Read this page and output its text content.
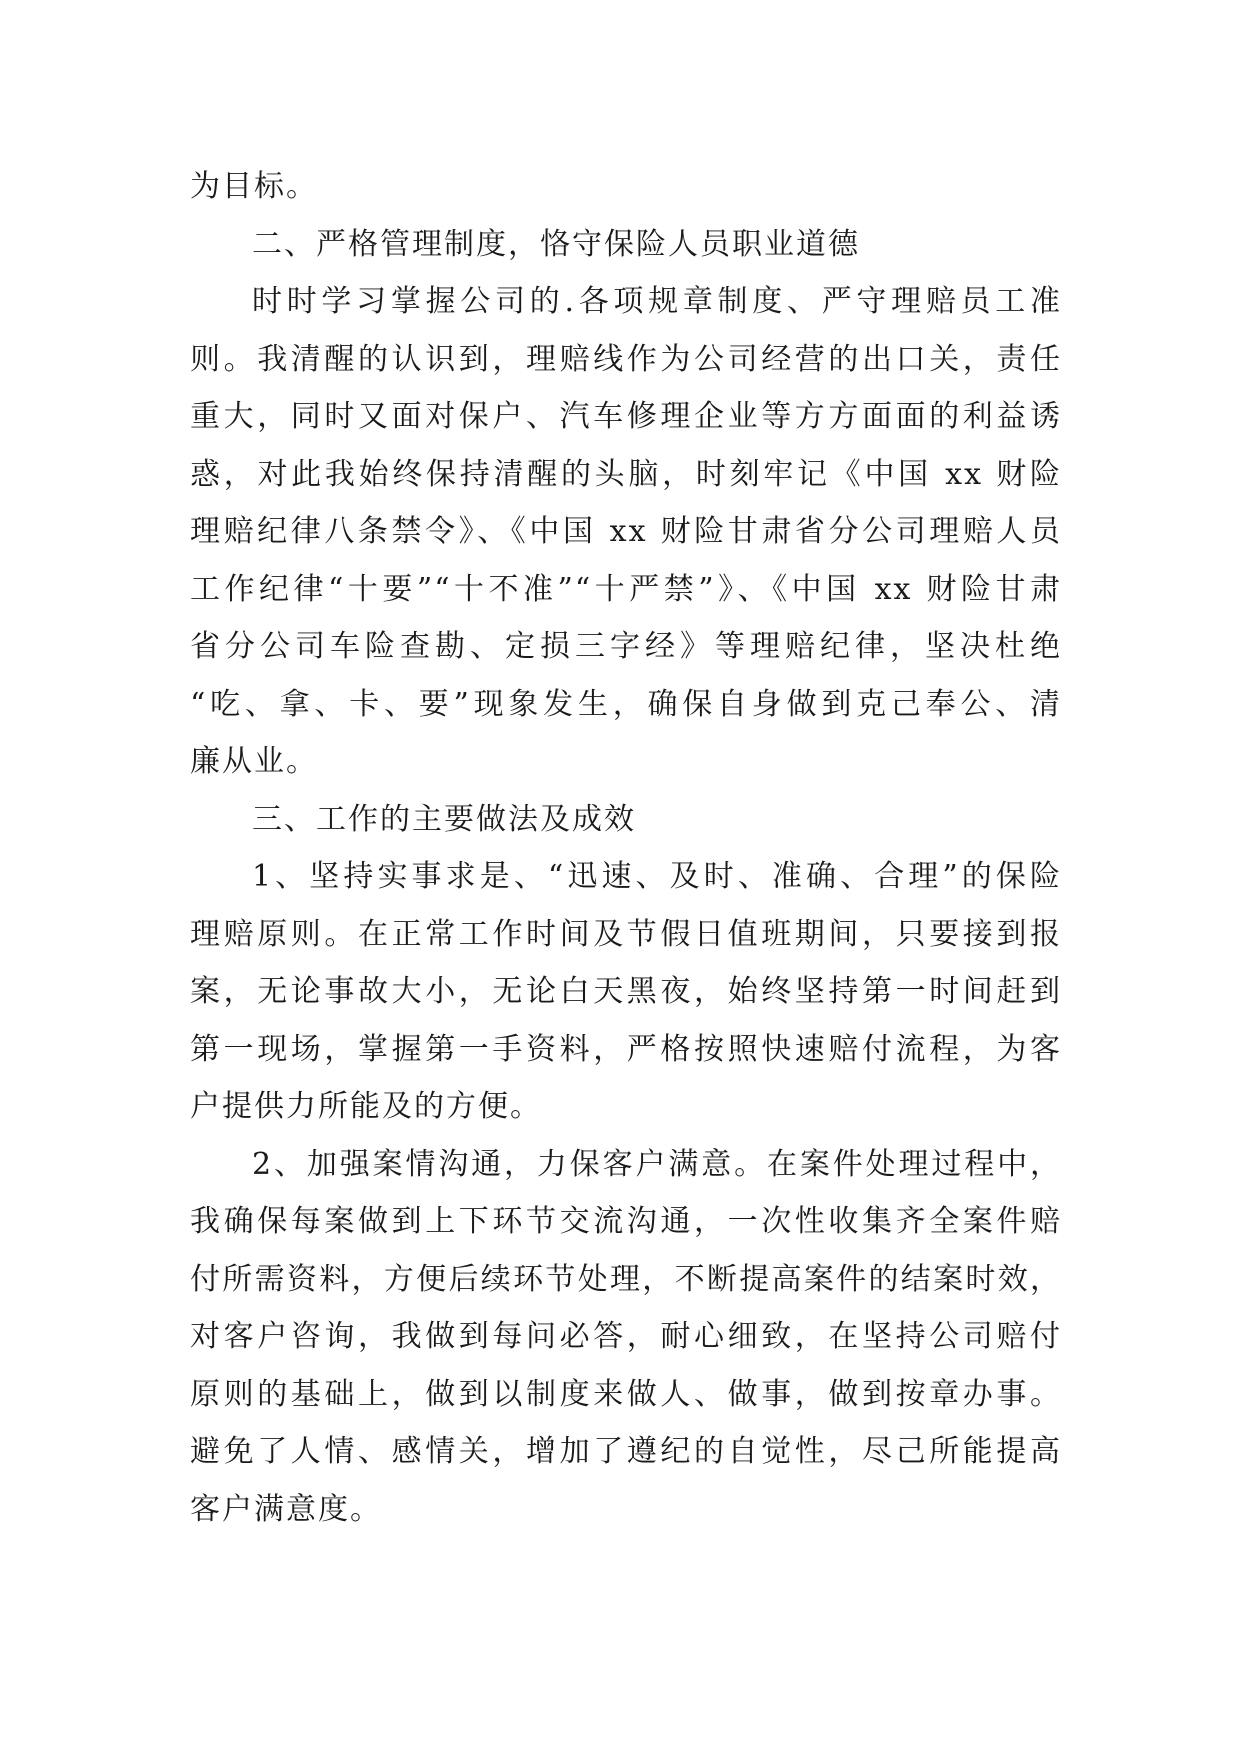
为目标。
二、严格管理制度，恪守保险人员职业道德
时时学习掌握公司的.各项规章制度、严守理赔员工准
则。我清醒的认识到，理赔线作为公司经营的出口关，责任
重大，同时又面对保户、汽车修理企业等方方面面的利益诱
惑，对此我始终保持清醒的头脑，时刻牢记《中国 xx 财险
理赔纪律八条禁令》、《中国 xx 财险甘肃省分公司理赔人员
工作纪律“十要”“十不准”“十严禁”》、《中国 xx 财险甘肃
省分公司车险查勘、定损三字经》等理赔纪律，坚决杜绝
“吃、拿、卡、要”现象发生，确保自身做到克己奉公、清
廉从业。
三、工作的主要做法及成效
1、坚持实事求是、“迅速、及时、准确、合理”的保险
理赔原则。在正常工作时间及节假日值班期间，只要接到报
案，无论事故大小，无论白天黑夜，始终坚持第一时间赶到
第一现场，掌握第一手资料，严格按照快速赔付流程，为客
户提供力所能及的方便。
2、加强案情沟通，力保客户满意。在案件处理过程中，
我确保每案做到上下环节交流沟通，一次性收集齐全案件赔
付所需资料，方便后续环节处理，不断提高案件的结案时效，
对客户咨询，我做到每问必答，耐心细致，在坚持公司赔付
原则的基础上，做到以制度来做人、做事，做到按章办事。
避免了人情、感情关，增加了遵纪的自觉性，尽己所能提高
客户满意度。
